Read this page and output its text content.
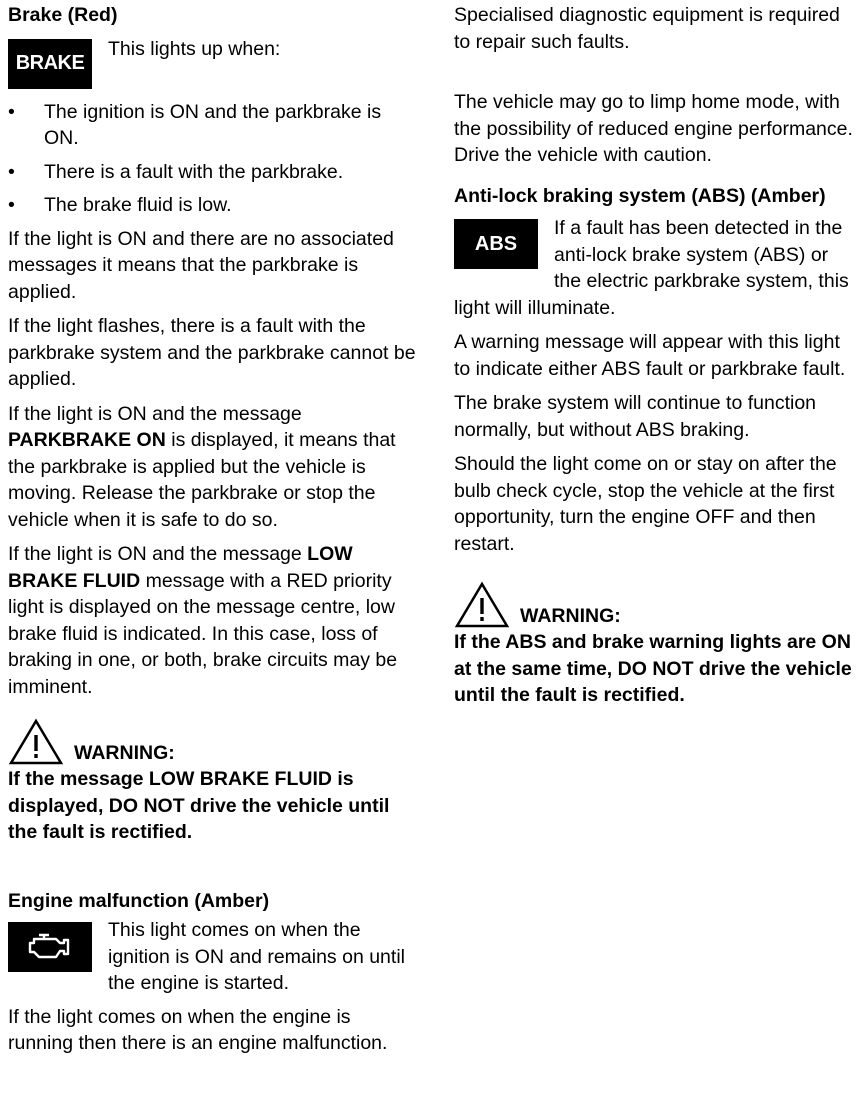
Brake (Red)
BRAKE

This lights up when:

• The ignition is ON and the parkbrake is ON.
• There is a fault with the parkbrake.
• The brake fluid is low.

If the light is ON and there are no associated messages it means that the parkbrake is applied.

If the light flashes, there is a fault with the parkbrake system and the parkbrake cannot be applied.

If the light is ON and the message PARKBRAKE ON is displayed, it means that the parkbrake is applied but the vehicle is moving. Release the parkbrake or stop the vehicle when it is safe to do so.

If the light is ON and the message LOW BRAKE FLUID message with a RED priority light is displayed on the message centre, low brake fluid is indicated. In this case, loss of braking in one, or both, brake circuits may be imminent.

WARNING:

If the message LOW BRAKE FLUID is displayed, DO NOT drive the vehicle until the fault is rectified.

Engine malfunction (Amber)

This light comes on when the ignition is ON and remains on until the engine is started.

If the light comes on when the engine is running then there is an engine malfunction.

Specialised diagnostic equipment is required to repair such faults.

The vehicle may go to limp home mode, with the possibility of reduced engine performance. Drive the vehicle with caution.

Anti-lock braking system (ABS) (Amber)
ABS

If a fault has been detected in the anti-lock brake system (ABS) or the electric parkbrake system, this light will illuminate.

A warning message will appear with this light to indicate either ABS fault or parkbrake fault.

The brake system will continue to function normally, but without ABS braking.

Should the light come on or stay on after the bulb check cycle, stop the vehicle at the first opportunity, turn the engine OFF and then restart.

WARNING:

If the ABS and brake warning lights are ON at the same time, DO NOT drive the vehicle until the fault is rectified.
